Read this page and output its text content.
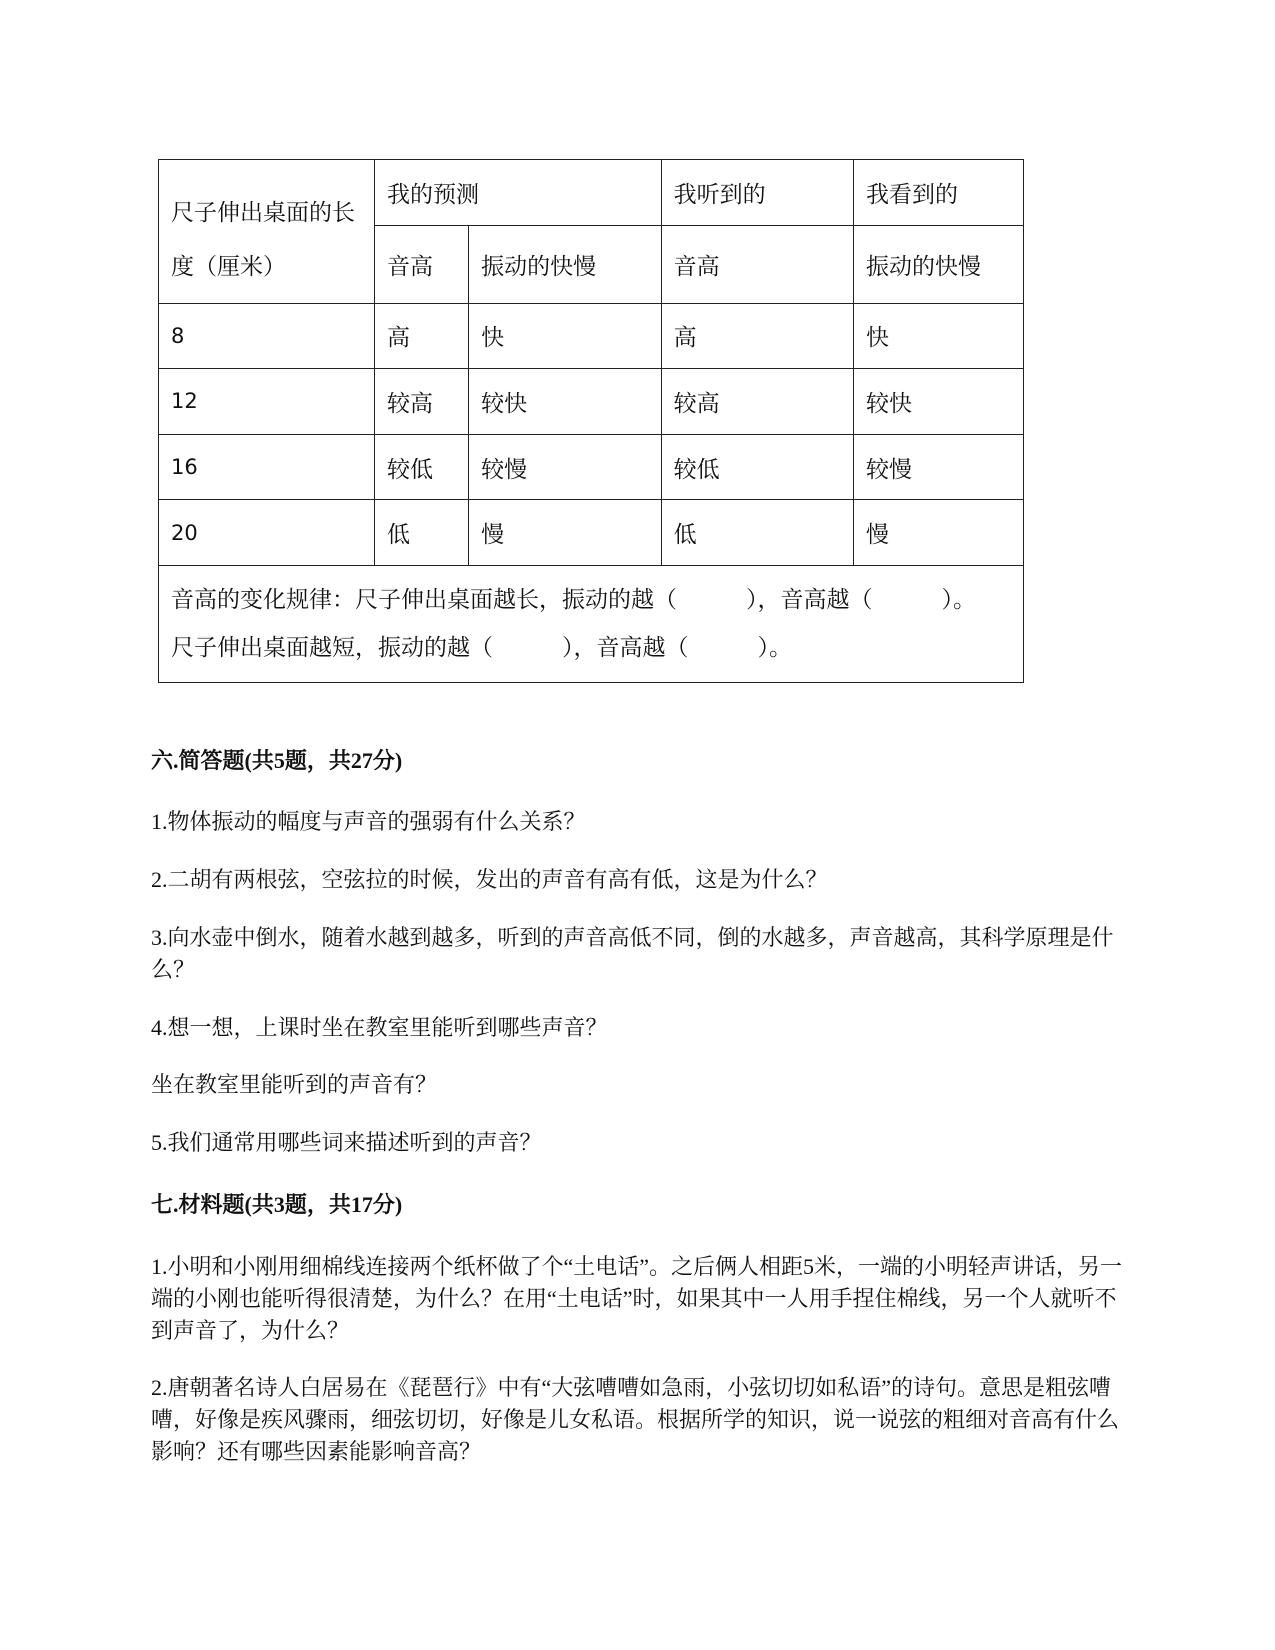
尺子伸出桌面的长度（厘米）	我的预测		我听到的	我看到的
	音高	振动的快慢	音高	振动的快慢
8	高	快	高	快
12	较高	较快	较高	较快
16	较低	较慢	较低	较慢
20	低	慢	低	慢

音高的变化规律：尺子伸出桌面越长，振动的越（　　　），音高越（　　　）。
尺子伸出桌面越短，振动的越（　　　），音高越（　　　）。				
六.简答题(共5题，共27分)

1.物体振动的幅度与声音的强弱有什么关系？

2.二胡有两根弦，空弦拉的时候，发出的声音有高有低，这是为什么？

3.向水壶中倒水，随着水越到越多，听到的声音高低不同，倒的水越多，声音越高，其科学原理是什么？

4.想一想，上课时坐在教室里能听到哪些声音？

坐在教室里能听到的声音有？

5.我们通常用哪些词来描述听到的声音？

七.材料题(共3题，共17分)

1.小明和小刚用细棉线连接两个纸杯做了个“土电话”。之后俩人相距5米，一端的小明轻声讲话，另一端的小刚也能听得很清楚，为什么？在用“土电话”时，如果其中一人用手捏住棉线，另一个人就听不到声音了，为什么？

2.唐朝著名诗人白居易在《琵琶行》中有“大弦嘈嘈如急雨，小弦切切如私语”的诗句。意思是粗弦嘈嘈，好像是疾风骤雨，细弦切切，好像是儿女私语。根据所学的知识，说一说弦的粗细对音高有什么影响？还有哪些因素能影响音高？
